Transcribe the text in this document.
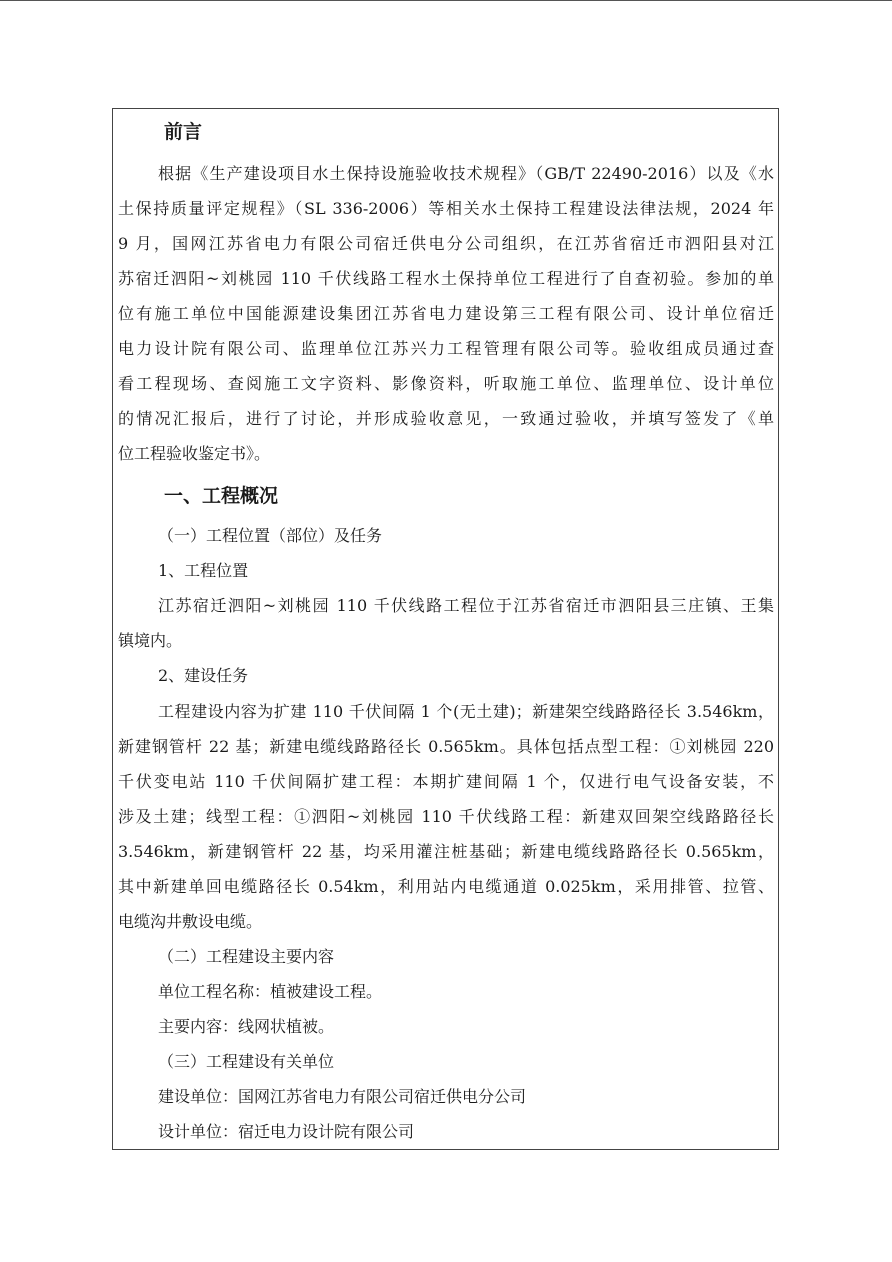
前言
根据《生产建设项目水土保持设施验收技术规程》（GB/T 22490-2016）以及《水
土保持质量评定规程》（SL 336-2006）等相关水土保持工程建设法律法规，2024 年
9 月，国网江苏省电力有限公司宿迁供电分公司组织，在江苏省宿迁市泗阳县对江
苏宿迁泗阳~刘桃园 110 千伏线路工程水土保持单位工程进行了自查初验。参加的单
位有施工单位中国能源建设集团江苏省电力建设第三工程有限公司、设计单位宿迁
电力设计院有限公司、监理单位江苏兴力工程管理有限公司等。验收组成员通过查
看工程现场、查阅施工文字资料、影像资料，听取施工单位、监理单位、设计单位
的情况汇报后，进行了讨论，并形成验收意见，一致通过验收，并填写签发了《单
位工程验收鉴定书》。
一、工程概况
（一）工程位置（部位）及任务
1、工程位置
江苏宿迁泗阳~刘桃园 110 千伏线路工程位于江苏省宿迁市泗阳县三庄镇、王集
镇境内。
2、建设任务
工程建设内容为扩建 110 千伏间隔 1 个(无土建)；新建架空线路路径长 3.546km，
新建钢管杆 22 基；新建电缆线路路径长 0.565km。具体包括点型工程：①刘桃园 220
千伏变电站 110 千伏间隔扩建工程：本期扩建间隔 1 个，仅进行电气设备安装，不
涉及土建；线型工程：①泗阳~刘桃园 110 千伏线路工程：新建双回架空线路路径长
3.546km，新建钢管杆 22 基，均采用灌注桩基础；新建电缆线路路径长 0.565km，
其中新建单回电缆路径长 0.54km，利用站内电缆通道 0.025km，采用排管、拉管、
电缆沟井敷设电缆。
（二）工程建设主要内容
单位工程名称：植被建设工程。
主要内容：线网状植被。
（三）工程建设有关单位
建设单位：国网江苏省电力有限公司宿迁供电分公司
设计单位：宿迁电力设计院有限公司
